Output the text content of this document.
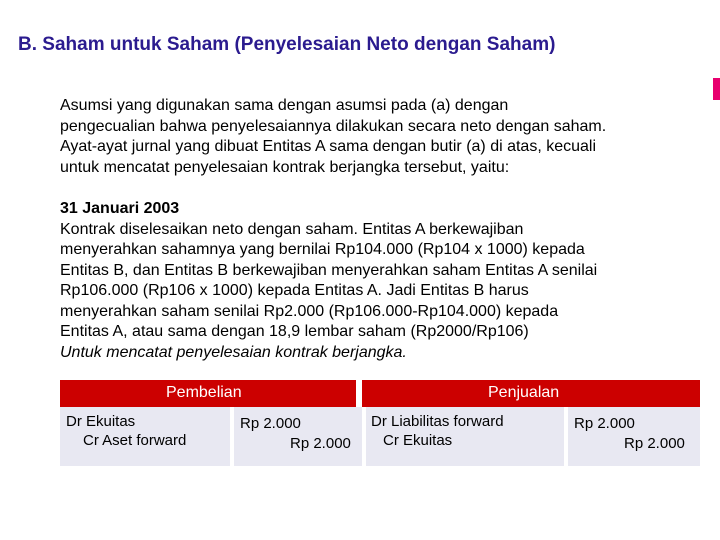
B. Saham untuk Saham (Penyelesaian Neto dengan Saham)
Asumsi yang digunakan sama dengan asumsi pada (a) dengan
pengecualian bahwa penyelesaiannya dilakukan secara neto dengan saham.
Ayat-ayat jurnal yang dibuat Entitas A sama dengan butir (a) di atas, kecuali
untuk mencatat penyelesaian kontrak berjangka tersebut, yaitu:
31 Januari 2003
Kontrak diselesaikan neto dengan saham. Entitas A berkewajiban
menyerahkan sahamnya yang bernilai Rp104.000 (Rp104 x 1000) kepada
Entitas B, dan Entitas B berkewajiban menyerahkan saham Entitas A senilai
Rp106.000 (Rp106 x 1000) kepada Entitas A. Jadi Entitas B harus
menyerahkan saham senilai Rp2.000 (Rp106.000-Rp104.000) kepada
Entitas A, atau sama dengan 18,9 lembar saham (Rp2000/Rp106)
Untuk mencatat penyelesaian kontrak berjangka.
Pembelian	Penjualan
Dr Ekuitas
Cr Aset forward
Rp 2.000
Rp 2.000
Dr Liabilitas forward
Cr Ekuitas
Rp 2.000
Rp 2.000
